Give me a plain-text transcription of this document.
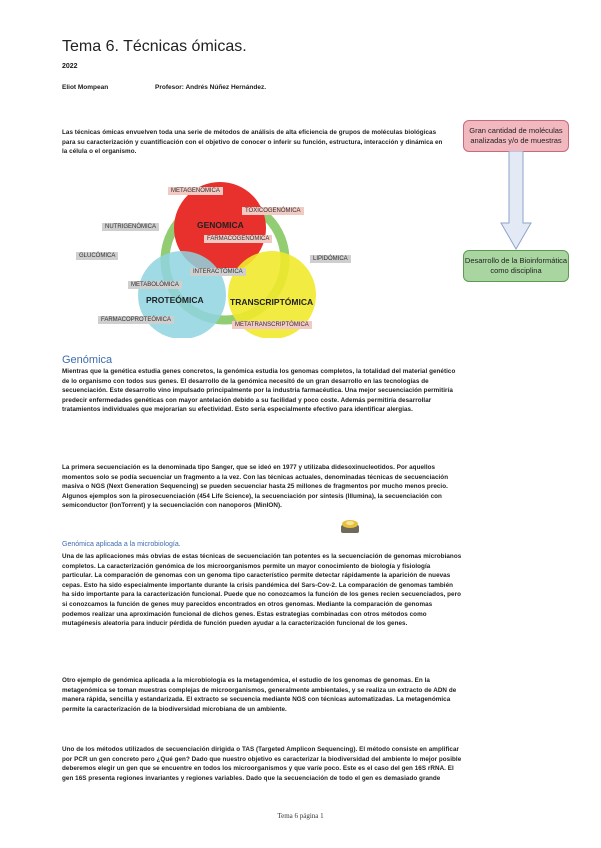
Tema 6. Técnicas ómicas.
2022
Eliot Mompean	Profesor: Andrés Núñez Hernández.

Las técnicas ómicas envuelven toda una serie de métodos de análisis de alta eficiencia de grupos de moléculas biológicas para su caracterización y cuantificación con el objetivo de conocer o inferir su función, estructura, interacción y dinámica en la célula o el organismo.

Gran cantidad de moléculas analizadas y/o de muestras
Desarrollo de la Bioinformática como disciplina
GENOMICA
PROTEÓMICA	TRANSCRIPTÓMICA
METAGENÓMICA
TOXICOGENÓMICA
NUTRIGENÓMICA
FARMACOGENÓMICA
GLUCÓMICA	LIPIDÓMICA
INTERACTÓMICA
METABOLÓMICA
FARMACOPROTEÓMICA
METATRANSCRIPTÓMICA
Genómica

Mientras que la genética estudia genes concretos, la genómica estudia los genomas completos, la totalidad del material genético de lo organismo con todos sus genes. El desarrollo de la genómica necesitó de un gran desarrollo en las tecnologías de secuenciación. Este desarrollo vino impulsado principalmente por la industria farmacéutica. Una mejor secuenciación permitiría predecir enfermedades genéticas con mayor antelación debido a su facilidad y poco coste. Además permitiría desarrollar tratamientos individuales que mejorarían su efectividad. Esto sería especialmente efectivo para identificar alergias.

La primera secuenciación es la denominada tipo Sanger, que se ideó en 1977 y utilizaba didesoxinucleotidos. Por aquellos momentos solo se podía secuenciar un fragmento a la vez. Con las técnicas actuales, denominadas técnicas de secuenciación masiva o NGS (Next Generation Sequencing) se pueden secuenciar hasta 25 millones de fragmentos por mucho menos precio. Algunos ejemplos son la pirosecuenciación (454 Life Science), la secuenciación por síntesis (Illumina), la secuenciación con semiconductor (IonTorrent) y la secuenciación con nanoporos (MinION).

Genómica aplicada a la microbiología.

Una de las aplicaciones más obvias de estas técnicas de secuenciación tan potentes es la secuenciación de genomas microbianos completos. La caracterización genómica de los microorganismos permite un mayor conocimiento de biología y fisiología particular. La comparación de genomas con un genoma tipo característico permite detectar rápidamente la aparición de nuevas cepas. Esto ha sido especialmente importante durante la crisis pandémica del Sars-Cov-2. La comparación de genomas también ha sido importante para la caracterización funcional. Puede que no conozcamos la función de los genes recien secuenciados, pero si conozcamos la función de genes muy parecidos encontrados en otros genomas. Mediante la comparación de genomas podemos realizar una aproximación funcional de dichos genes. Estas estrategias combinadas con otros métodos como mutagénesis aleatoria para inducir pérdida de función pueden ayudar a la caracterización funcional de los genes.

Otro ejemplo de genómica aplicada a la microbiología es la metagenómica, el estudio de los genomas de genomas. En la metagenómica se toman muestras complejas de microorganismos, generalmente ambientales, y se realiza un extracto de ADN de manera rápida, sencilla y estandarizada. El extracto se secuencia mediante NGS con técnicas automatizadas. La metagenómica permite la caracterización de la biodiversidad microbiana de un ambiente.

Uno de los métodos utilizados de secuenciación dirigida o TAS (Targeted Amplicon Sequencing). El método consiste en amplificar por PCR un gen concreto pero ¿Qué gen? Dado que nuestro objetivo es caracterizar la biodiversidad del ambiente lo mejor posible deberemos elegir un gen que se encuentre en todos los microorganismos y que varíe poco. Este es el caso del gen 16S rRNA. El gen 16S presenta regiones invariantes y regiones variables. Dado que la secuenciación de todo el gen es demasiado grande

Tema 6 página 1
